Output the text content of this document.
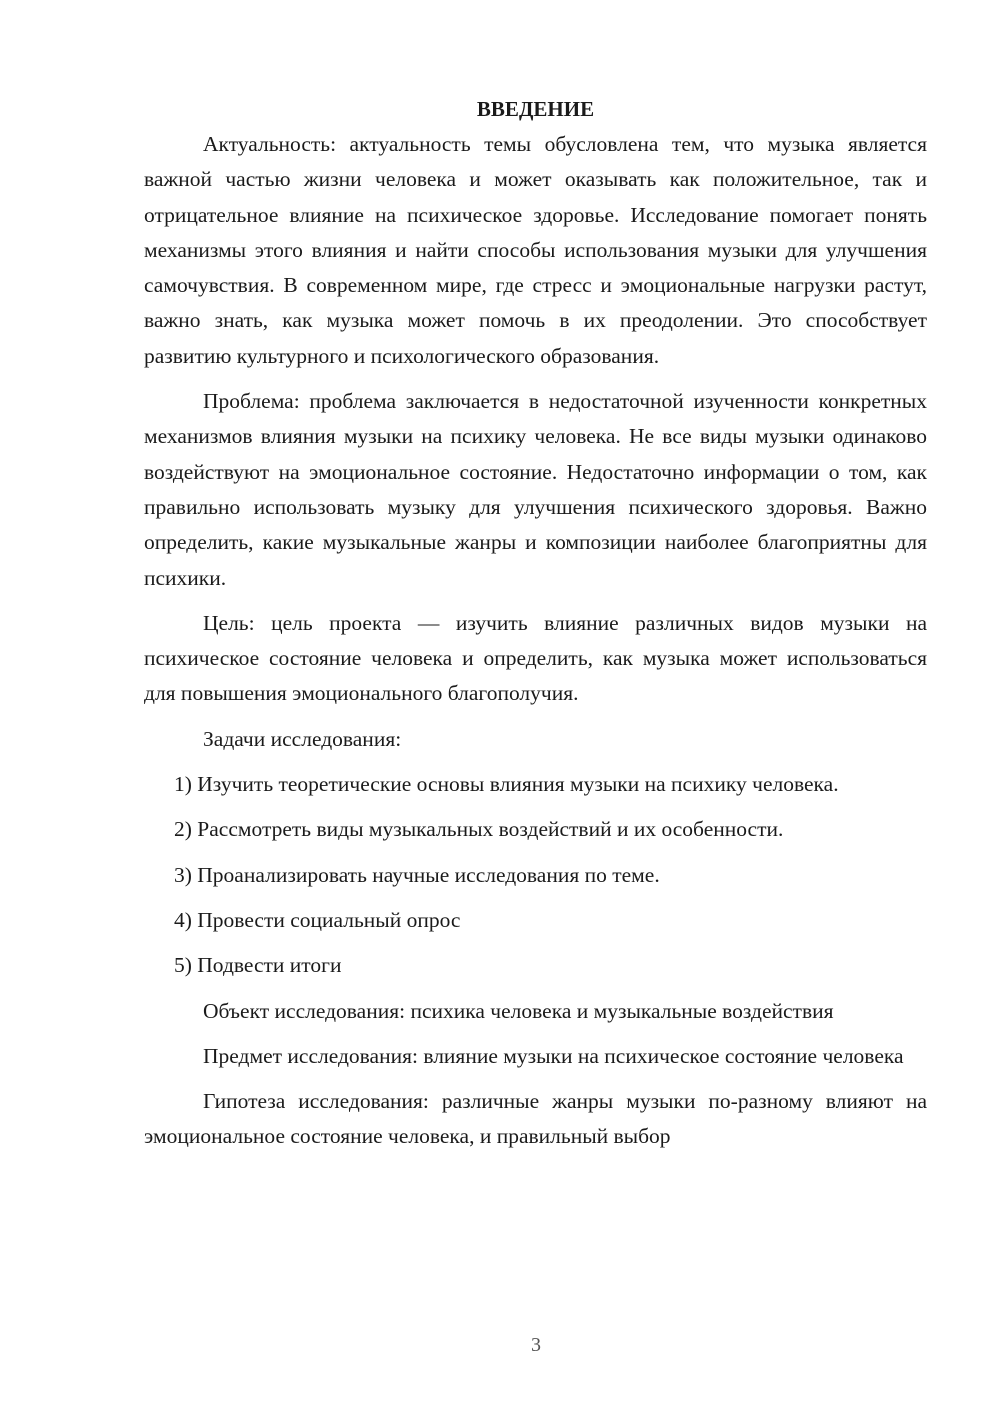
ВВЕДЕНИЕ

Актуальность: актуальность темы обусловлена тем, что музыка является важной частью жизни человека и может оказывать как положительное, так и отрицательное влияние на психическое здоровье. Исследование помогает понять механизмы этого влияния и найти способы использования музыки для улучшения самочувствия. В современном мире, где стресс и эмоциональные нагрузки растут, важно знать, как музыка может помочь в их преодолении. Это способствует развитию культурного и психологического образования.

Проблема: проблема заключается в недостаточной изученности конкретных механизмов влияния музыки на психику человека. Не все виды музыки одинаково воздействуют на эмоциональное состояние. Недостаточно информации о том, как правильно использовать музыку для улучшения психического здоровья. Важно определить, какие музыкальные жанры и композиции наиболее благоприятны для психики.

Цель: цель проекта — изучить влияние различных видов музыки на психическое состояние человека и определить, как музыка может использоваться для повышения эмоционального благополучия.

Задачи исследования:

1) Изучить теоретические основы влияния музыки на психику человека.

2) Рассмотреть виды музыкальных воздействий и их особенности.

3) Проанализировать научные исследования по теме.

4) Провести социальный опрос

5) Подвести итоги

Объект исследования: психика человека и музыкальные воздействия

Предмет исследования: влияние музыки на психическое состояние человека

Гипотеза исследования: различные жанры музыки по-разному влияют на эмоциональное состояние человека, и правильный выбор

3
